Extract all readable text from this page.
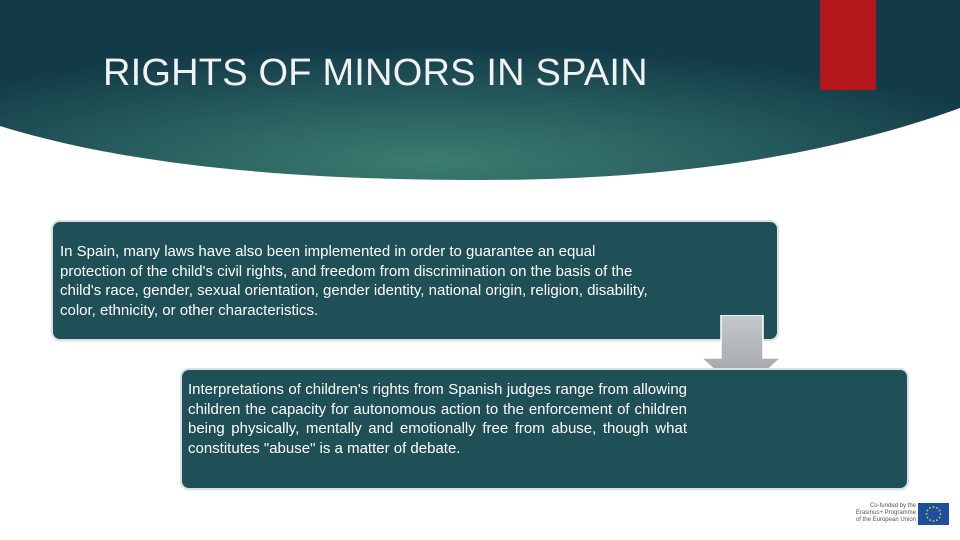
RIGHTS OF MINORS IN SPAIN
In Spain, many laws have also been implemented in order to guarantee an equal protection of the child's civil rights, and freedom from discrimination on the basis of the child's race, gender, sexual orientation, gender identity, national origin, religion, disability, color, ethnicity, or other characteristics.
Interpretations of children's rights from Spanish judges range from allowing children the capacity for autonomous action to the enforcement of children being physically, mentally and emotionally free from abuse, though what constitutes "abuse" is a matter of debate.
Co-funded by the
Erasmus+ Programme
of the European Union
